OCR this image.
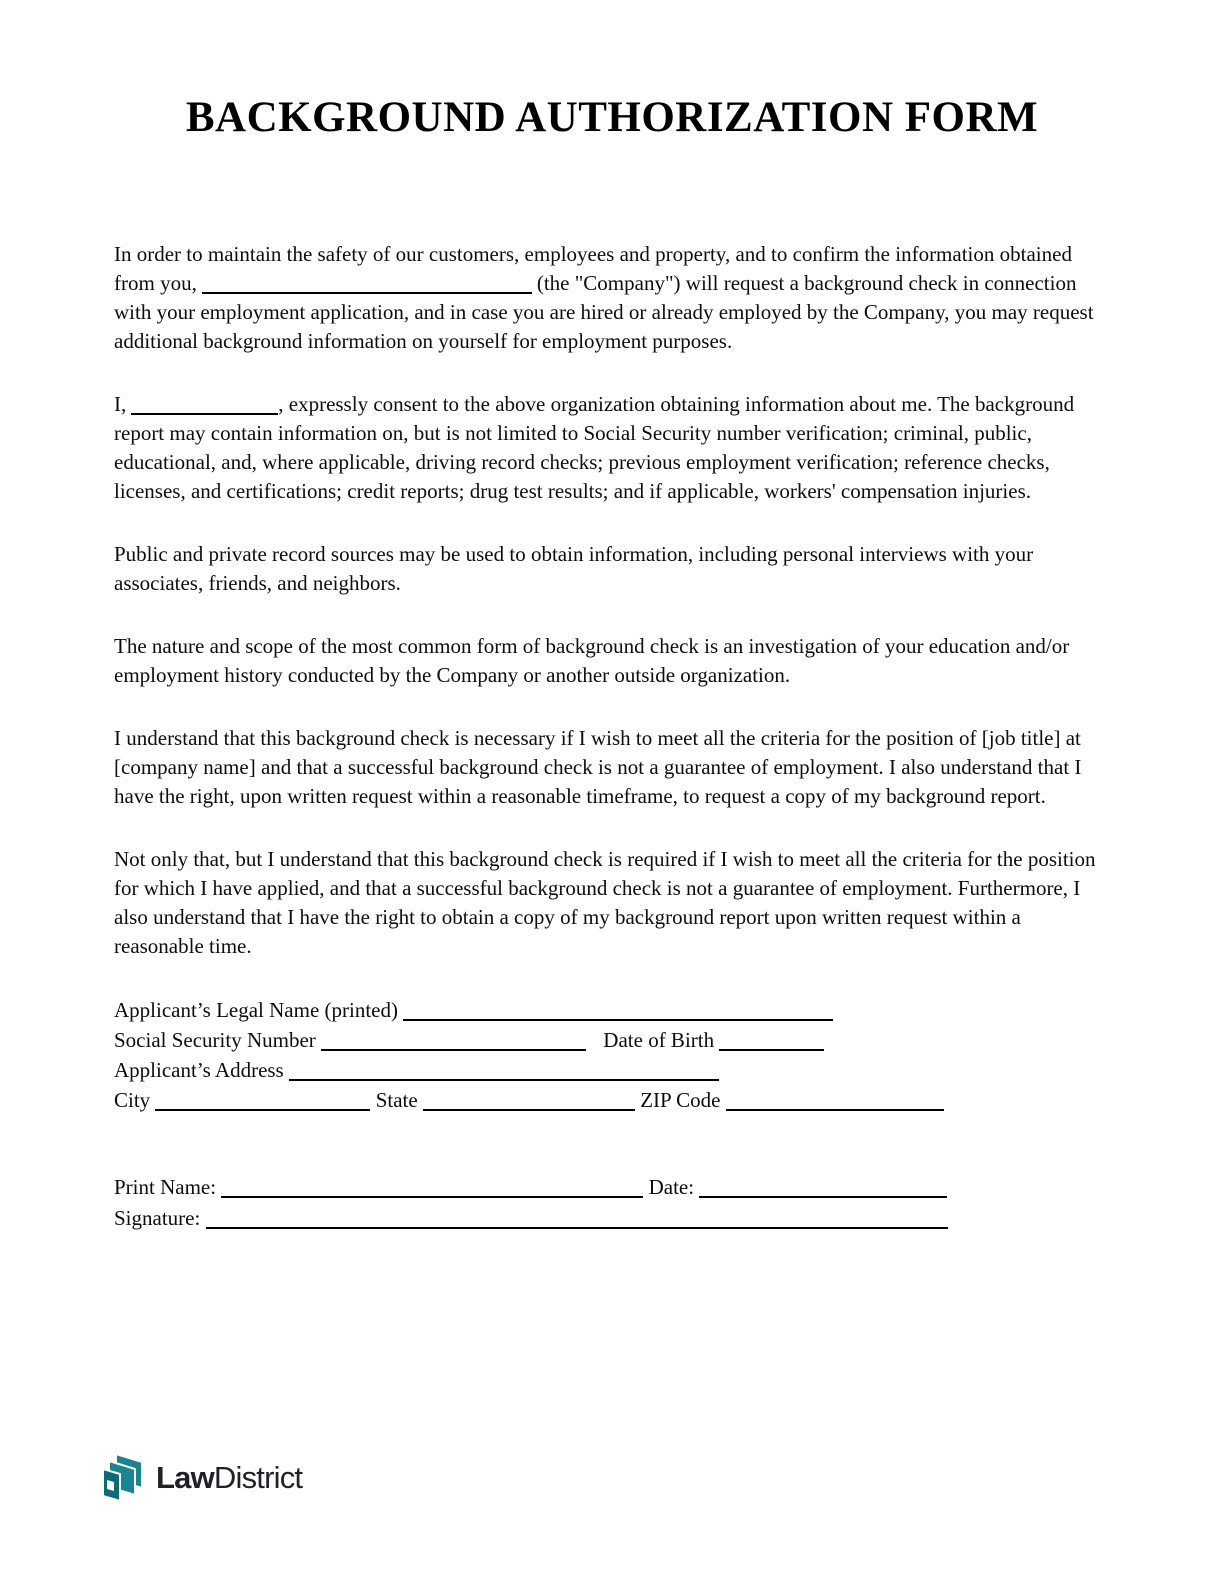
BACKGROUND AUTHORIZATION FORM

In order to maintain the safety of our customers, employees and property, and to confirm the information obtained from you,	(the "Company") will request a background check in connection with your employment application, and in case you are hired or already employed by the Company, you may request additional background information on yourself for employment purposes.

I,	, expressly consent to the above organization obtaining information about me. The background report may contain information on, but is not limited to Social Security number verification; criminal, public, educational, and, where applicable, driving record checks; previous employment verification; reference checks, licenses, and certifications; credit reports; drug test results; and if applicable, workers' compensation injuries.

Public and private record sources may be used to obtain information, including personal interviews with your associates, friends, and neighbors.

The nature and scope of the most common form of background check is an investigation of your education and/or employment history conducted by the Company or another outside organization.

I understand that this background check is necessary if I wish to meet all the criteria for the position of [job title] at [company name] and that a successful background check is not a guarantee of employment. I also understand that I have the right, upon written request within a reasonable timeframe, to request a copy of my background report.

Not only that, but I understand that this background check is required if I wish to meet all the criteria for the position for which I have applied, and that a successful background check is not a guarantee of employment. Furthermore, I also understand that I have the right to obtain a copy of my background report upon written request within a reasonable time.

Applicant’s Legal Name (printed)
Social Security Number	Date of Birth
Applicant’s Address
City	State	ZIP Code
Print Name:	Date:
Signature:
LawDistrict
